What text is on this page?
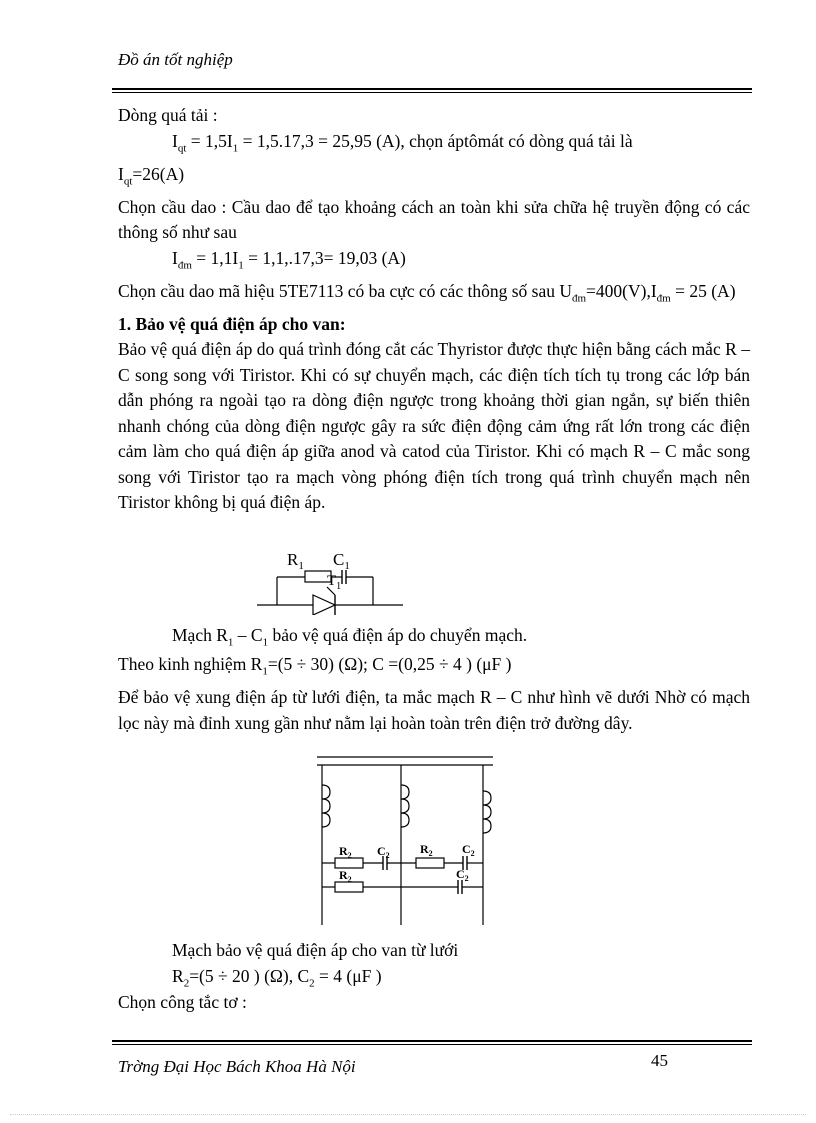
Đồ án tốt nghiệp

Dòng quá tải :

$I_{qt} = 1,5I_1 = 1,5.17,3 = 25,95$ (A), chọn áptômát có dòng quá tải là

$I_{qt}=26(A)$

Chọn cầu dao : Cầu dao để tạo khoảng cách an toàn khi sửa chữa hệ truyền động có các thông số như sau

$I_{đm} = 1,1I_1 = 1,1,.17,3= 19,03$ (A)

Chọn cầu dao mã hiệu 5TE7113 có ba cực có các thông số sau $U_{đm}=400(V),I_{đm} = 25$ (A)

1. Bảo vệ quá điện áp cho van:

Bảo vệ quá điện áp do quá trình đóng cắt các Thyristor được thực hiện bằng cách mắc R – C song song với Tiristor. Khi có sự chuyển mạch, các điện tích tích tụ trong các lớp bán dẫn phóng ra ngoài tạo ra dòng điện ngược trong khoảng thời gian ngắn, sự biến thiên nhanh chóng của dòng điện ngược gây ra sức điện động cảm ứng rất lớn trong các điện cảm làm cho quá điện áp giữa anod và catod của Tiristor. Khi có mạch R – C mắc song song với Tiristor tạo ra mạch vòng phóng điện tích trong quá trình chuyển mạch nên Tiristor không bị quá điện áp.

$R_1$ $C_1$
$T_1$
Mạch $R_1 - C_1$ bảo vệ quá điện áp do chuyển mạch.

Theo kinh nghiệm $R_1=(5 \div 30)$ (Ω); C =(0,25 ÷ 4 ) (μF )

Để bảo vệ xung điện áp từ lưới điện, ta mắc mạch R – C như hình vẽ dưới Nhờ có mạch lọc này mà đỉnh xung gần như nằm lại hoàn toàn trên điện trở đường dây.

$R_2$ $C_2$	$R_2$ $C_2$
$R_2$	$C_2$
Mạch bảo vệ quá điện áp cho van từ lưới
$R_2=(5 \div 20$ ) (Ω), $C_2 = 4$ (μF )
Chọn công tắc tơ :
Trờng Đại Học Bách Khoa Hà Nội	45
